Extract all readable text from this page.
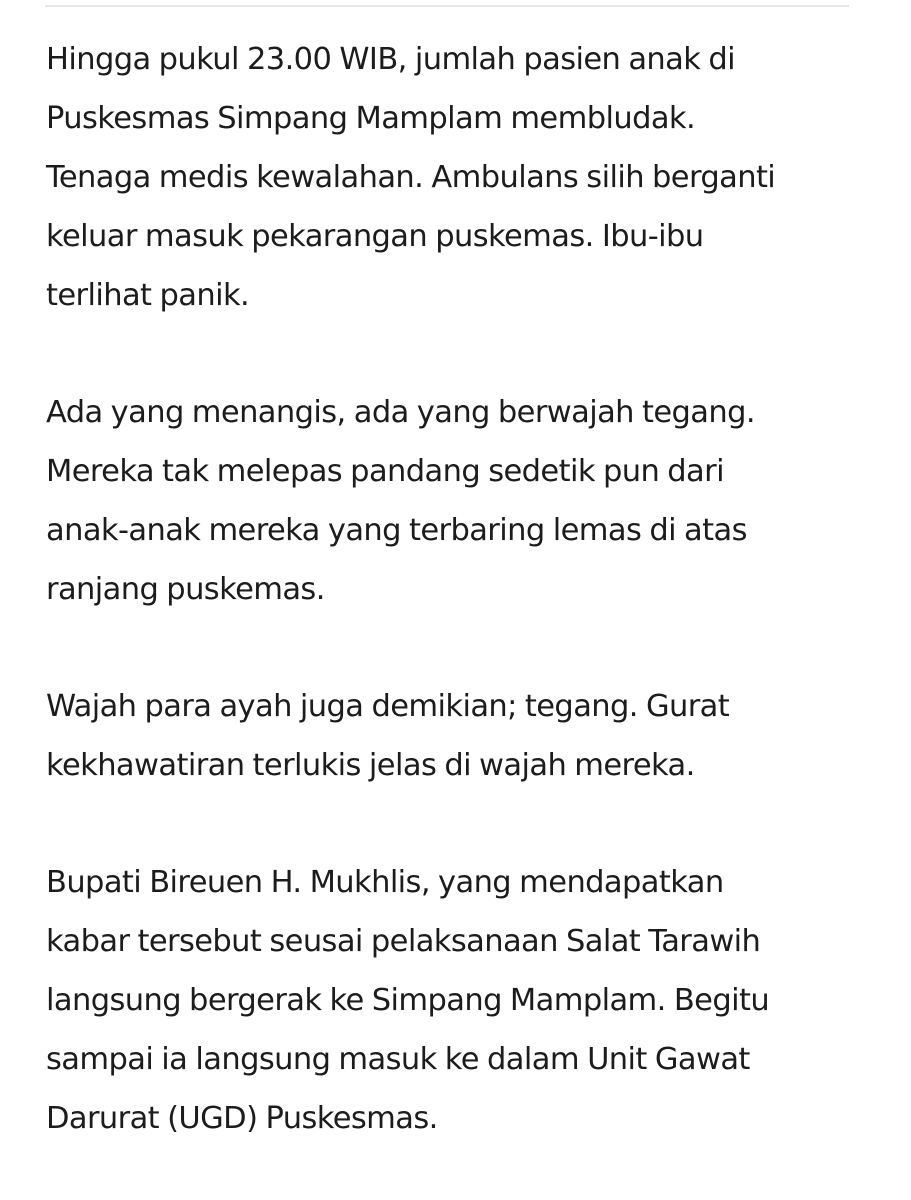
Hingga pukul 23.00 WIB, jumlah pasien anak di
Puskesmas Simpang Mamplam membludak.
Tenaga medis kewalahan. Ambulans silih berganti
keluar masuk pekarangan puskemas. Ibu-ibu
terlihat panik.

Ada yang menangis, ada yang berwajah tegang.
Mereka tak melepas pandang sedetik pun dari
anak-anak mereka yang terbaring lemas di atas
ranjang puskemas.

Wajah para ayah juga demikian; tegang. Gurat
kekhawatiran terlukis jelas di wajah mereka.

Bupati Bireuen H. Mukhlis, yang mendapatkan
kabar tersebut seusai pelaksanaan Salat Tarawih
langsung bergerak ke Simpang Mamplam. Begitu
sampai ia langsung masuk ke dalam Unit Gawat
Darurat (UGD) Puskesmas.
